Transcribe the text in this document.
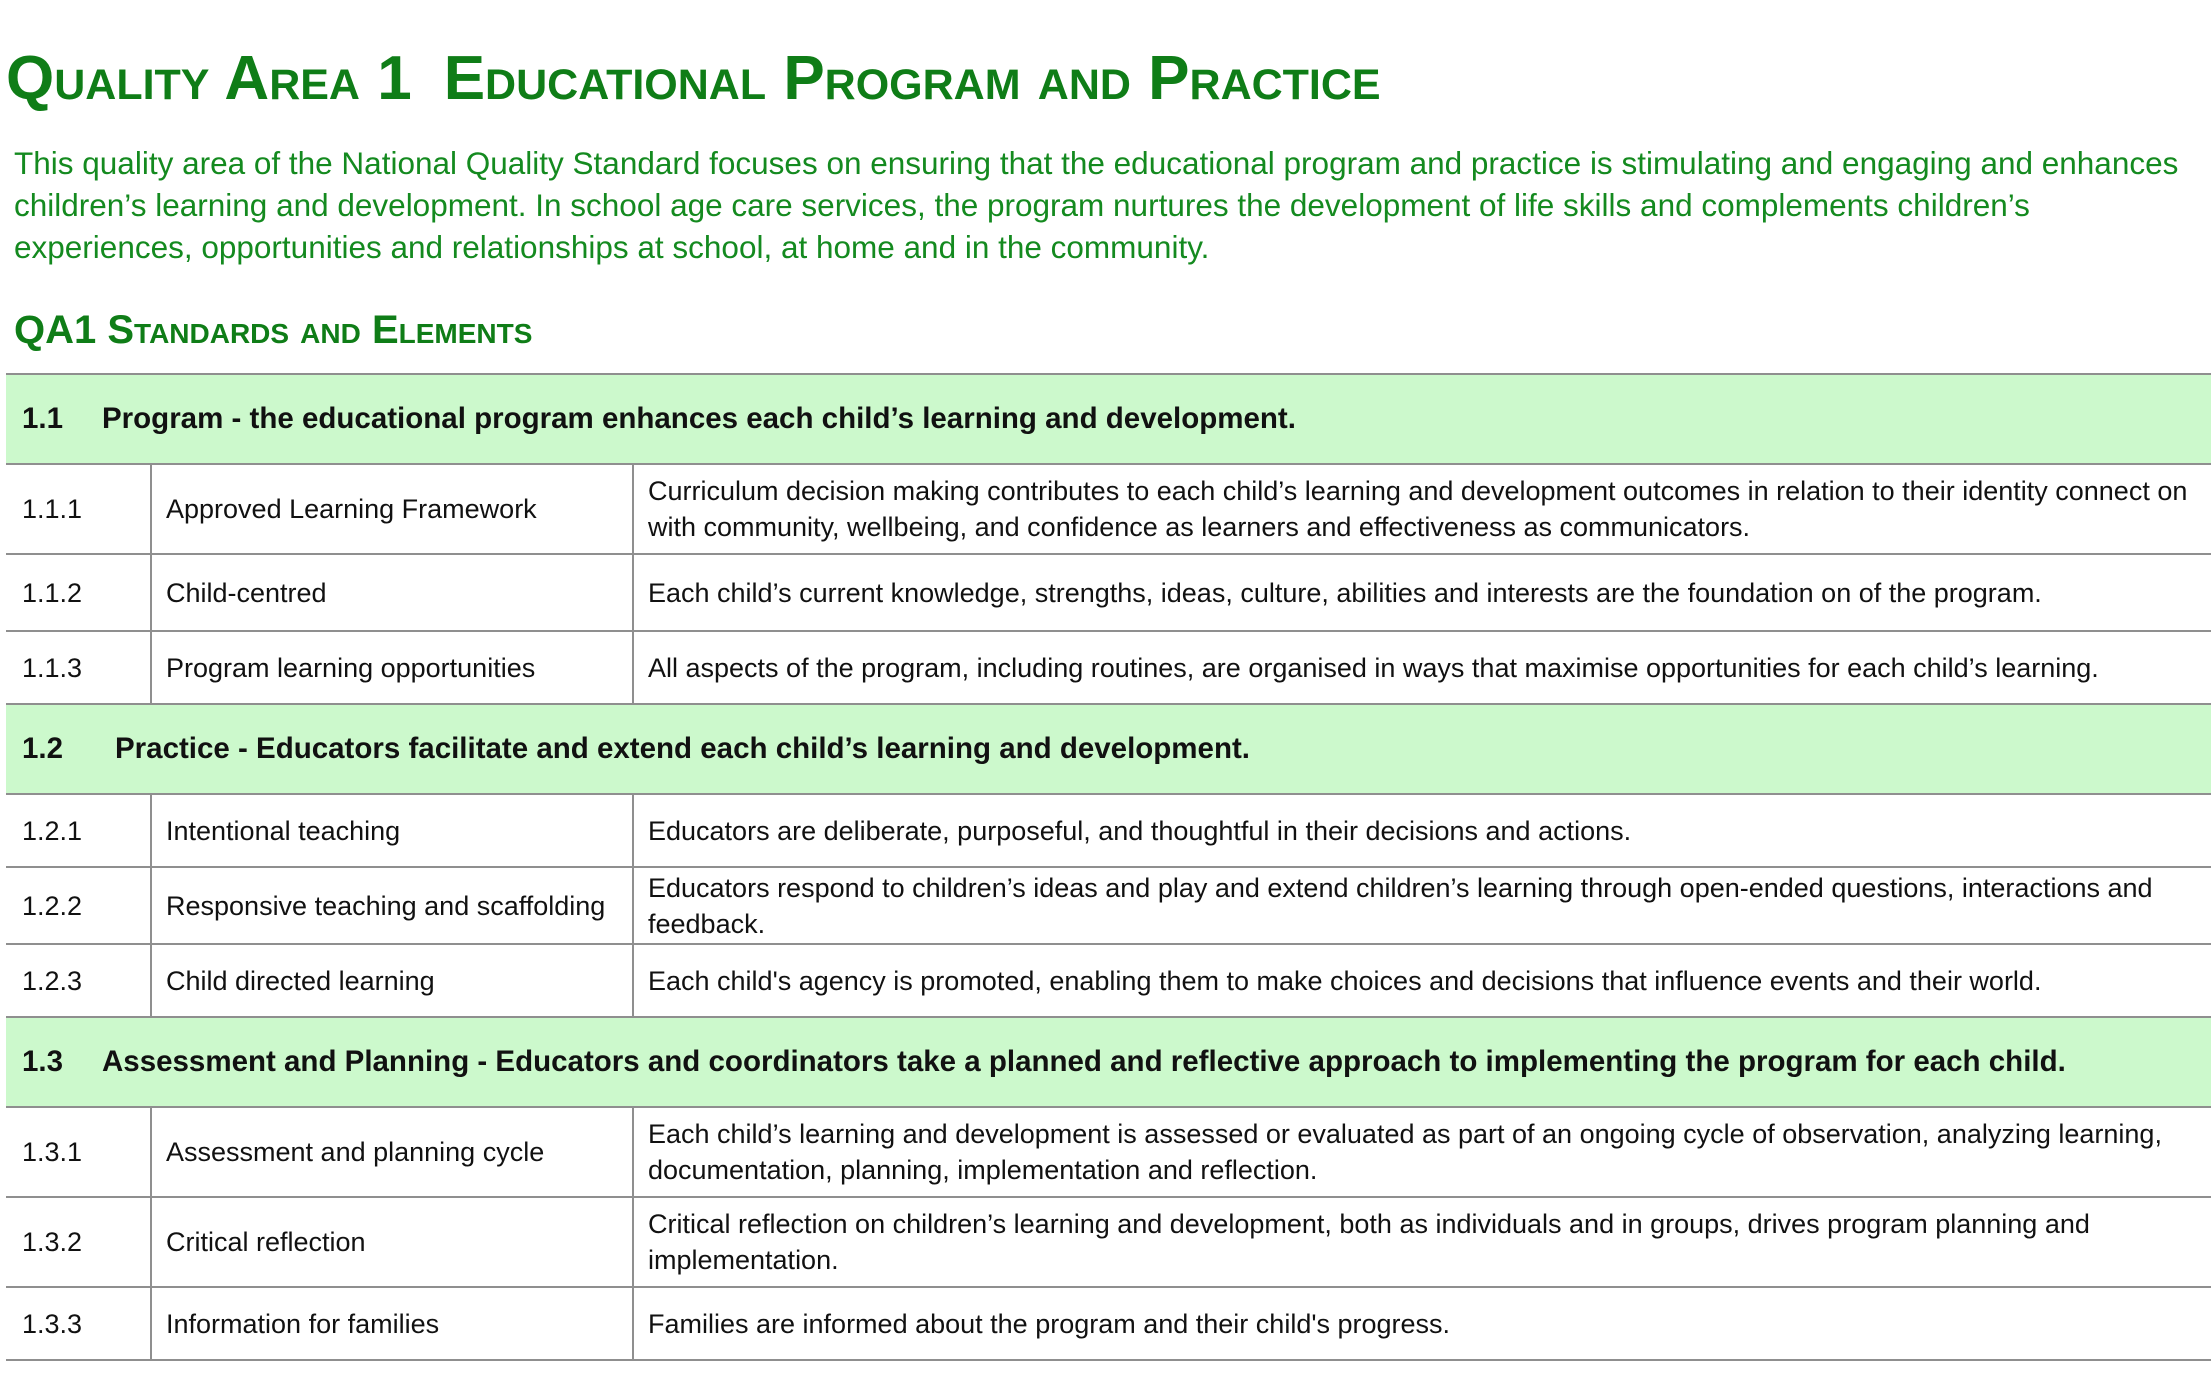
Quality Area 1 Educational Program and Practice

This quality area of the National Quality Standard focuses on ensuring that the educational program and practice is stimulating and engaging and enhances children’s learning and development. In school age care services, the program nurtures the development of life skills and complements children’s experiences, opportunities and relationships at school, at home and in the community.

QA1 Standards and Elements
1.1 Program - the educational program enhances each child’s learning and development.		
1.1.1	Approved Learning Framework	Curriculum decision making contributes to each child’s learning and development outcomes in relation to their identity connect on with community, wellbeing, and confidence as learners and effectiveness as communicators.
1.1.2	Child-centred	Each child’s current knowledge, strengths, ideas, culture, abilities and interests are the foundation on of the program.
1.1.3	Program learning opportunities	All aspects of the program, including routines, are organised in ways that maximise opportunities for each child’s learning.
1.2 Practice - Educators facilitate and extend each child’s learning and development.		
1.2.1	Intentional teaching	Educators are deliberate, purposeful, and thoughtful in their decisions and actions.
1.2.2	Responsive teaching and scaffolding	Educators respond to children’s ideas and play and extend children’s learning through open-ended questions, interactions and feedback.
1.2.3	Child directed learning	Each child's agency is promoted, enabling them to make choices and decisions that influence events and their world.
1.3 Assessment and Planning - Educators and coordinators take a planned and reflective approach to implementing the program for each child.		
1.3.1	Assessment and planning cycle	Each child’s learning and development is assessed or evaluated as part of an ongoing cycle of observation, analyzing learning, documentation, planning, implementation and reflection.
1.3.2	Critical reflection	Critical reflection on children’s learning and development, both as individuals and in groups, drives program planning and implementation.
1.3.3	Information for families	Families are informed about the program and their child's progress.
